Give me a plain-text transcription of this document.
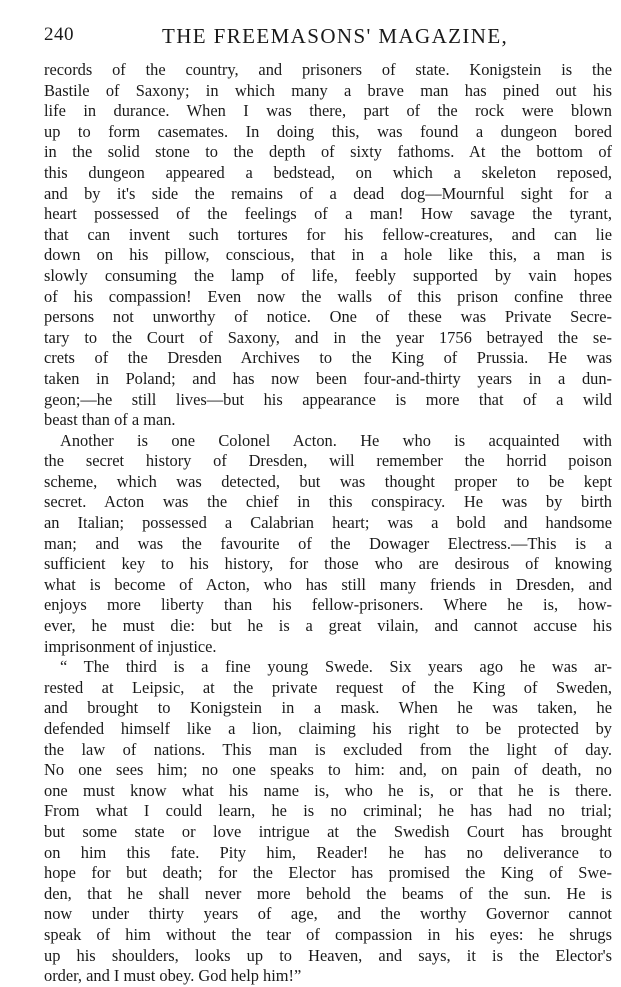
240	THE FREEMASONS' MAGAZINE,
records of the country, and prisoners of state. Konigstein is the
Bastile of Saxony; in which many a brave man has pined out his
life in durance. When I was there, part of the rock were blown
up to form casemates. In doing this, was found a dungeon bored
in the solid stone to the depth of sixty fathoms. At the bottom of
this dungeon appeared a bedstead, on which a skeleton reposed,
and by it's side the remains of a dead dog—Mournful sight for a
heart possessed of the feelings of a man! How savage the tyrant,
that can invent such tortures for his fellow-creatures, and can lie
down on his pillow, conscious, that in a hole like this, a man is
slowly consuming the lamp of life, feebly supported by vain hopes
of his compassion! Even now the walls of this prison confine three
persons not unworthy of notice. One of these was Private Secre-
tary to the Court of Saxony, and in the year 1756 betrayed the se-
crets of the Dresden Archives to the King of Prussia. He was
taken in Poland; and has now been four-and-thirty years in a dun-
geon;—he still lives—but his appearance is more that of a wild
beast than of a man.
Another is one Colonel Acton. He who is acquainted with
the secret history of Dresden, will remember the horrid poison
scheme, which was detected, but was thought proper to be kept
secret. Acton was the chief in this conspiracy. He was by birth
an Italian; possessed a Calabrian heart; was a bold and handsome
man; and was the favourite of the Dowager Electress.—This is a
sufficient key to his history, for those who are desirous of knowing
what is become of Acton, who has still many friends in Dresden, and
enjoys more liberty than his fellow-prisoners. Where he is, how-
ever, he must die: but he is a great vilain, and cannot accuse his
imprisonment of injustice.
“ The third is a fine young Swede. Six years ago he was ar-
rested at Leipsic, at the private request of the King of Sweden,
and brought to Konigstein in a mask. When he was taken, he
defended himself like a lion, claiming his right to be protected by
the law of nations. This man is excluded from the light of day.
No one sees him; no one speaks to him: and, on pain of death, no
one must know what his name is, who he is, or that he is there.
From what I could learn, he is no criminal; he has had no trial;
but some state or love intrigue at the Swedish Court has brought
on him this fate. Pity him, Reader! he has no deliverance to
hope for but death; for the Elector has promised the King of Swe-
den, that he shall never more behold the beams of the sun. He is
now under thirty years of age, and the worthy Governor cannot
speak of him without the tear of compassion in his eyes: he shrugs
up his shoulders, looks up to Heaven, and says, it is the Elector's
order, and I must obey. God help him!”
